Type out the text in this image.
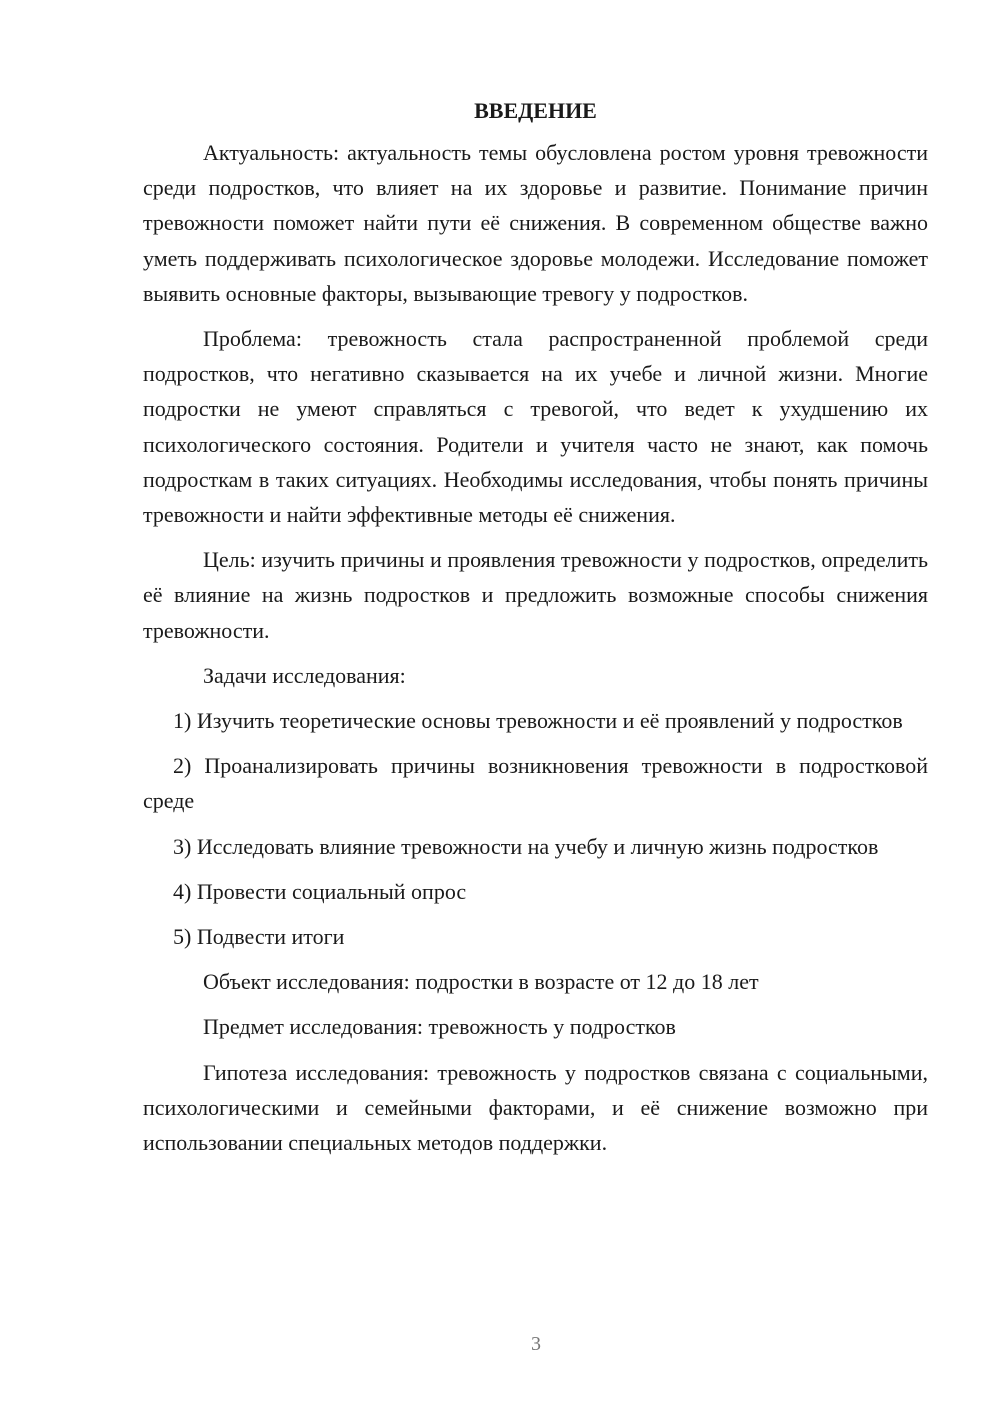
ВВЕДЕНИЕ

Актуальность: актуальность темы обусловлена ростом уровня тревожности среди подростков, что влияет на их здоровье и развитие. Понимание причин тревожности поможет найти пути её снижения. В современном обществе важно уметь поддерживать психологическое здоровье молодежи. Исследование поможет выявить основные факторы, вызывающие тревогу у подростков.

Проблема: тревожность стала распространенной проблемой среди подростков, что негативно сказывается на их учебе и личной жизни. Многие подростки не умеют справляться с тревогой, что ведет к ухудшению их психологического состояния. Родители и учителя часто не знают, как помочь подросткам в таких ситуациях. Необходимы исследования, чтобы понять причины тревожности и найти эффективные методы её снижения.

Цель: изучить причины и проявления тревожности у подростков, определить её влияние на жизнь подростков и предложить возможные способы снижения тревожности.

Задачи исследования:

1) Изучить теоретические основы тревожности и её проявлений у подростков

2) Проанализировать причины возникновения тревожности в подростковой среде

3) Исследовать влияние тревожности на учебу и личную жизнь подростков

4) Провести социальный опрос

5) Подвести итоги

Объект исследования: подростки в возрасте от 12 до 18 лет

Предмет исследования: тревожность у подростков

Гипотеза исследования: тревожность у подростков связана с социальными, психологическими и семейными факторами, и её снижение возможно при использовании специальных методов поддержки.

3
